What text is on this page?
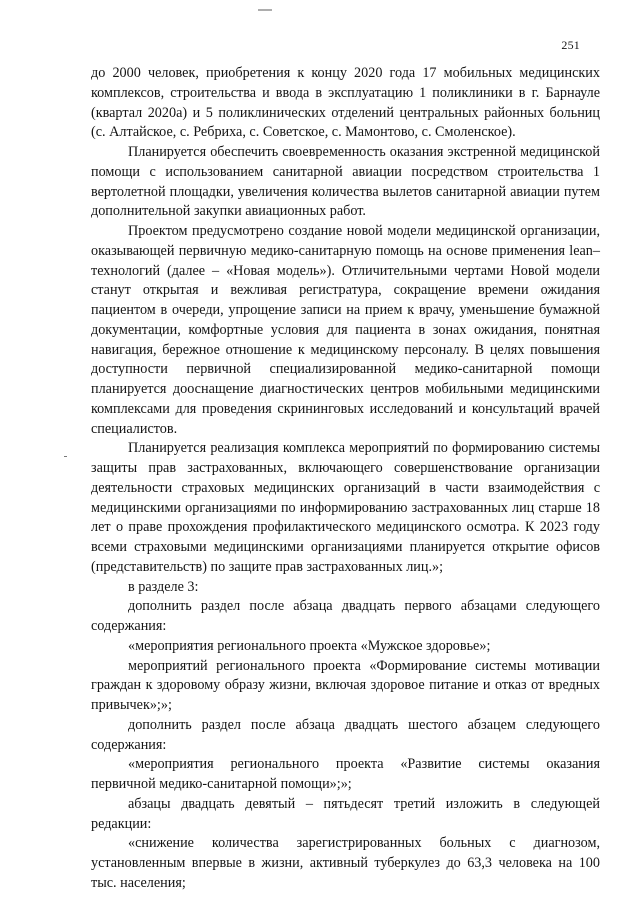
251

до 2000 человек, приобретения к концу 2020 года 17 мобильных медицинских комплексов, строительства и ввода в эксплуатацию 1 поликлиники в г. Барнауле (квартал 2020а) и 5 поликлинических отделений центральных районных больниц (с. Алтайское, с. Ребриха, с. Советское, с. Мамонтово, с. Смоленское).

Планируется обеспечить своевременность оказания экстренной медицинской помощи с использованием санитарной авиации посредством строительства 1 вертолетной площадки, увеличения количества вылетов санитарной авиации путем дополнительной закупки авиационных работ.

Проектом предусмотрено создание новой модели медицинской организации, оказывающей первичную медико-санитарную помощь на основе применения lean–технологий (далее – «Новая модель»). Отличительными чертами Новой модели станут открытая и вежливая регистратура, сокращение времени ожидания пациентом в очереди, упрощение записи на прием к врачу, уменьшение бумажной документации, комфортные условия для пациента в зонах ожидания, понятная навигация, бережное отношение к медицинскому персоналу. В целях повышения доступности первичной специализированной медико-санитарной помощи планируется дооснащение диагностических центров мобильными медицинскими комплексами для проведения скрининговых исследований и консультаций врачей специалистов.

Планируется реализация комплекса мероприятий по формированию системы защиты прав застрахованных, включающего совершенствование организации деятельности страховых медицинских организаций в части взаимодействия с медицинскими организациями по информированию застрахованных лиц старше 18 лет о праве прохождения профилактического медицинского осмотра. К 2023 году всеми страховыми медицинскими организациями планируется открытие офисов (представительств) по защите прав застрахованных лиц.»;

в разделе 3:

дополнить раздел после абзаца двадцать первого абзацами следующего содержания:

«мероприятия регионального проекта «Мужское здоровье»;

мероприятий регионального проекта «Формирование системы мотивации граждан к здоровому образу жизни, включая здоровое питание и отказ от вредных привычек»;»;

дополнить раздел после абзаца двадцать шестого абзацем следующего содержания:

«мероприятия регионального проекта «Развитие системы оказания первичной медико-санитарной помощи»;»;

абзацы двадцать девятый – пятьдесят третий изложить в следующей редакции:

«снижение количества зарегистрированных больных с диагнозом, установленным впервые в жизни, активный туберкулез до 63,3 человека на 100 тыс. населения;
